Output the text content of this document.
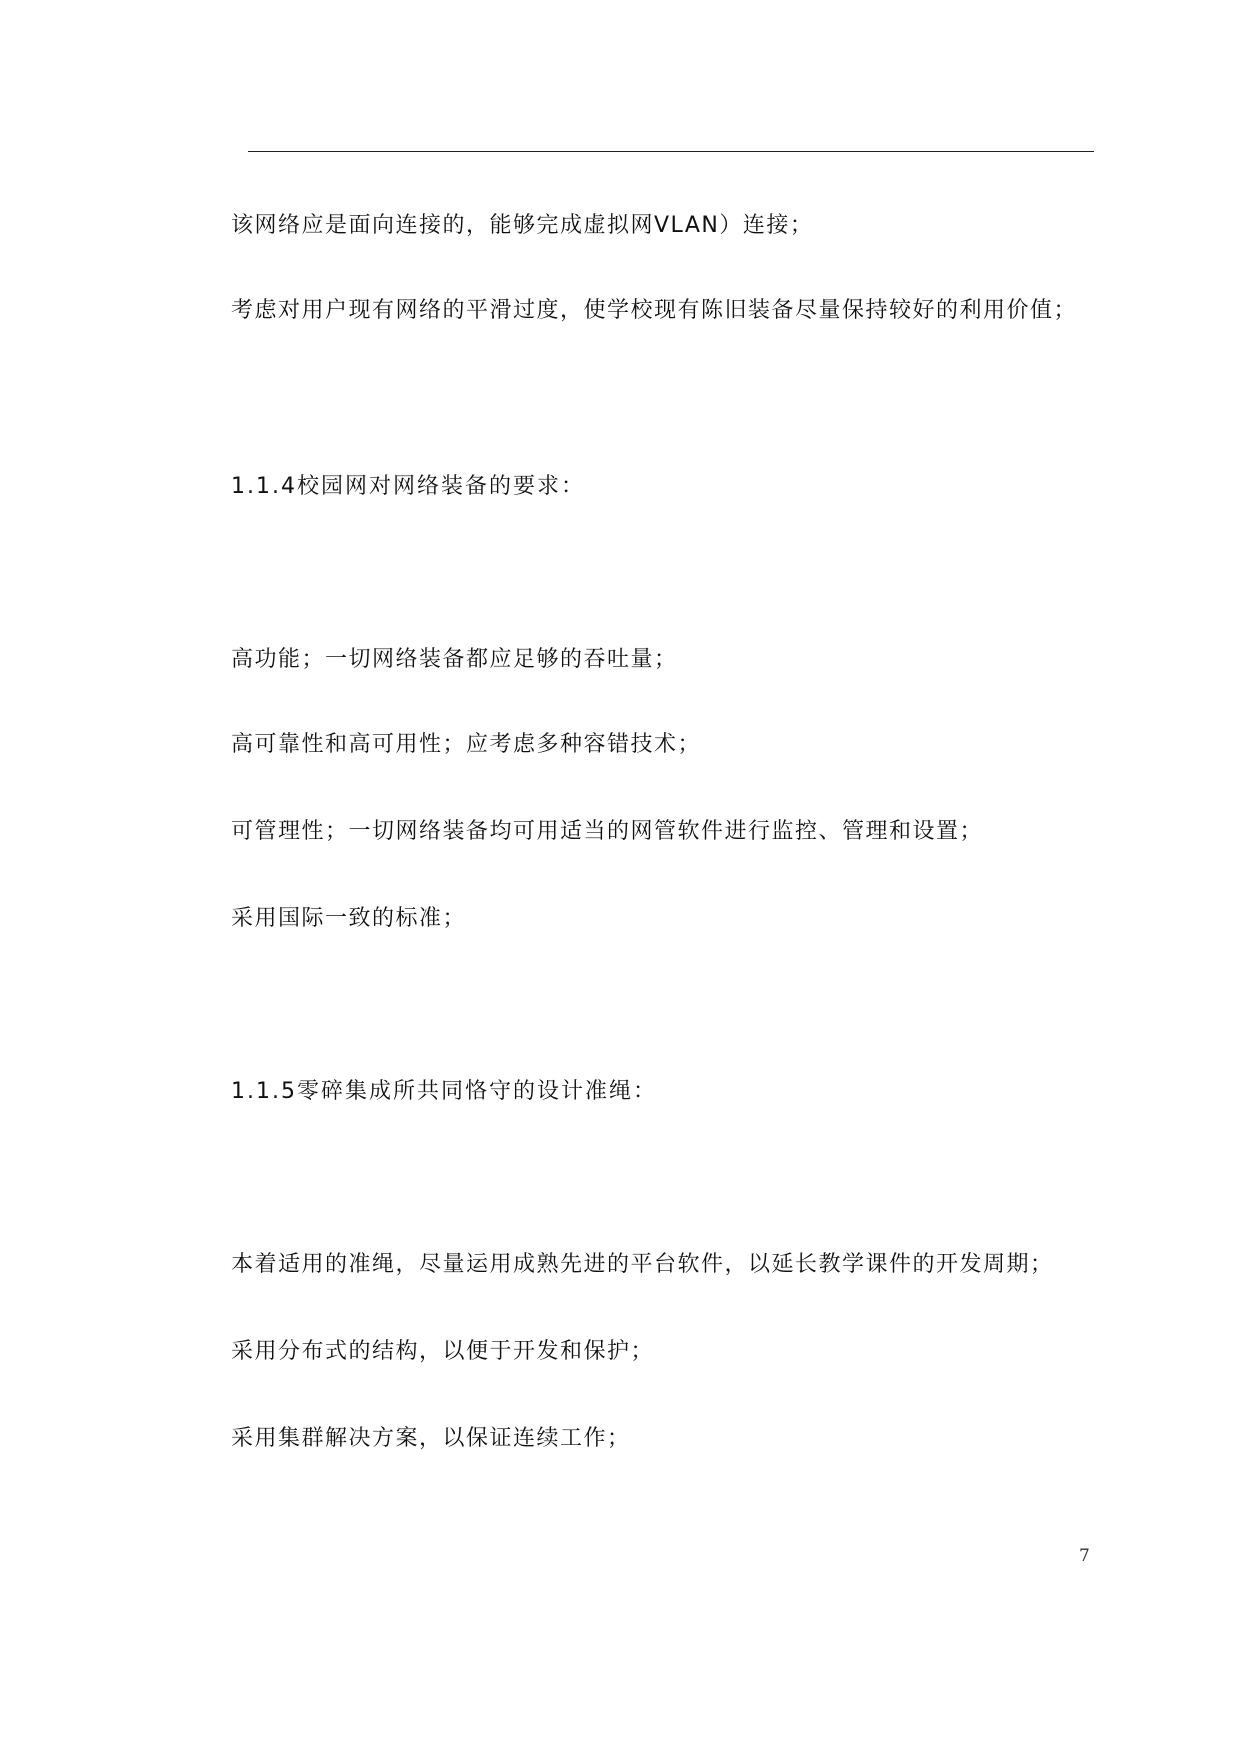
该网络应是面向连接的，能够完成虚拟网VLAN）连接；
考虑对用户现有网络的平滑过度，使学校现有陈旧装备尽量保持较好的利用价值；
1.1.4校园网对网络装备的要求：
高功能；一切网络装备都应足够的吞吐量；
高可靠性和高可用性；应考虑多种容错技术；
可管理性；一切网络装备均可用适当的网管软件进行监控、管理和设置；
采用国际一致的标准；
1.1.5零碎集成所共同恪守的设计准绳：
本着适用的准绳，尽量运用成熟先进的平台软件，以延长教学课件的开发周期；
采用分布式的结构，以便于开发和保护；
采用集群解决方案，以保证连续工作；
7
